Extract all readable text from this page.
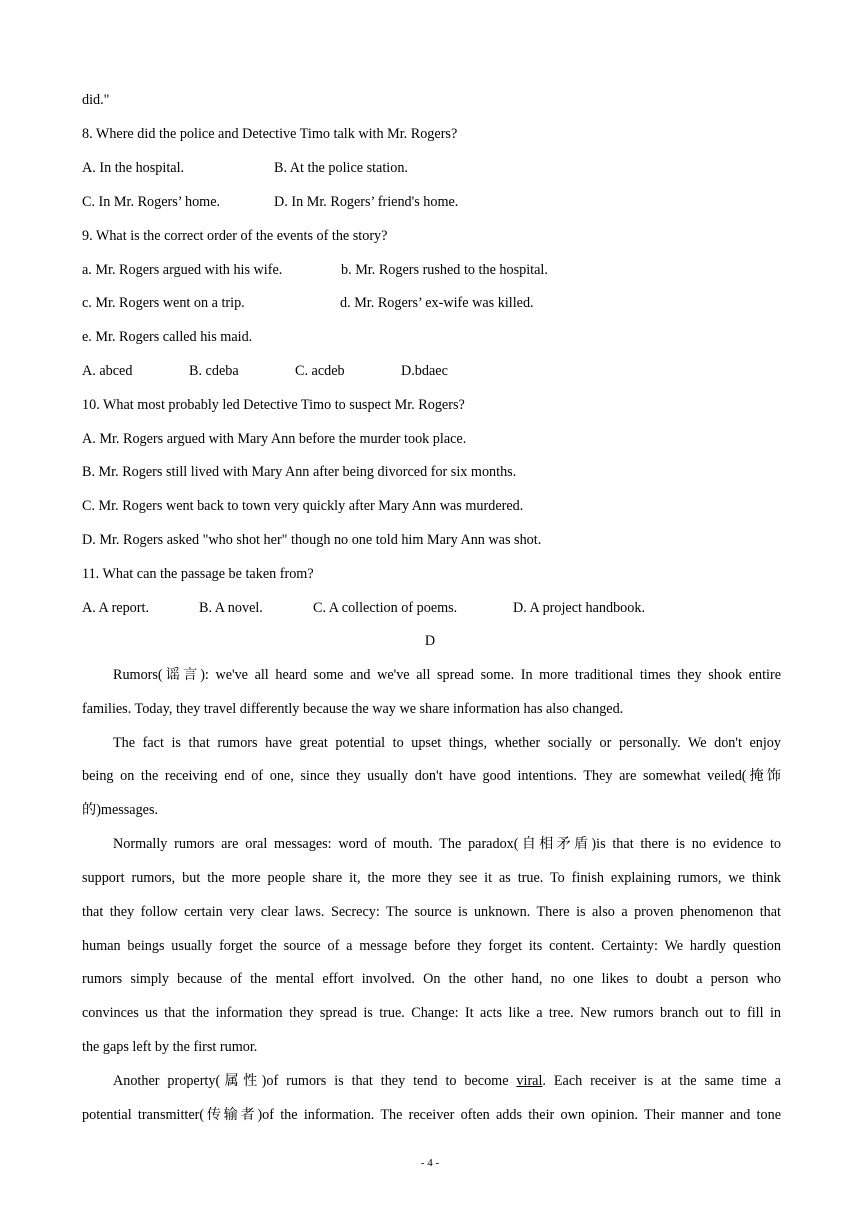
did."
8. Where did the police and Detective Timo talk with Mr. Rogers?
A. In the hospital.	B. At the police station.
C. In Mr. Rogers’ home.	D. In Mr. Rogers’ friend's home.
9. What is the correct order of the events of the story?
a. Mr. Rogers argued with his wife.	b. Mr. Rogers rushed to the hospital.
c. Mr. Rogers went on a trip.	d. Mr. Rogers’ ex-wife was killed.
e. Mr. Rogers called his maid.
A. abced	B. cdeba	C. acdeb	D.bdaec
10. What most probably led Detective Timo to suspect Mr. Rogers?
A. Mr. Rogers argued with Mary Ann before the murder took place.
B. Mr. Rogers still lived with Mary Ann after being divorced for six months.
C. Mr. Rogers went back to town very quickly after Mary Ann was murdered.
D. Mr. Rogers asked "who shot her" though no one told him Mary Ann was shot.
11. What can the passage be taken from?
A. A report.	B. A novel.	C. A collection of poems.	D. A project handbook.
D
Rumors(谣言): we've all heard some and we've all spread some. In more traditional times they shook entire
families. Today, they travel differently because the way we share information has also changed.
The fact is that rumors have great potential to upset things, whether socially or personally. We don't enjoy
being on the receiving end of one, since they usually don't have good intentions. They are somewhat veiled(掩饰
的)messages.
Normally rumors are oral messages: word of mouth. The paradox(自相矛盾)is that there is no evidence to
support rumors, but the more people share it, the more they see it as true. To finish explaining rumors, we think
that they follow certain very clear laws. Secrecy: The source is unknown. There is also a proven phenomenon that
human beings usually forget the source of a message before they forget its content. Certainty: We hardly question
rumors simply because of the mental effort involved. On the other hand, no one likes to doubt a person who
convinces us that the information they spread is true. Change: It acts like a tree. New rumors branch out to fill in
the gaps left by the first rumor.
Another property(属性)of rumors is that they tend to become viral. Each receiver is at the same time a
potential transmitter(传输者)of the information. The receiver often adds their own opinion. Their manner and tone
- 4 -
